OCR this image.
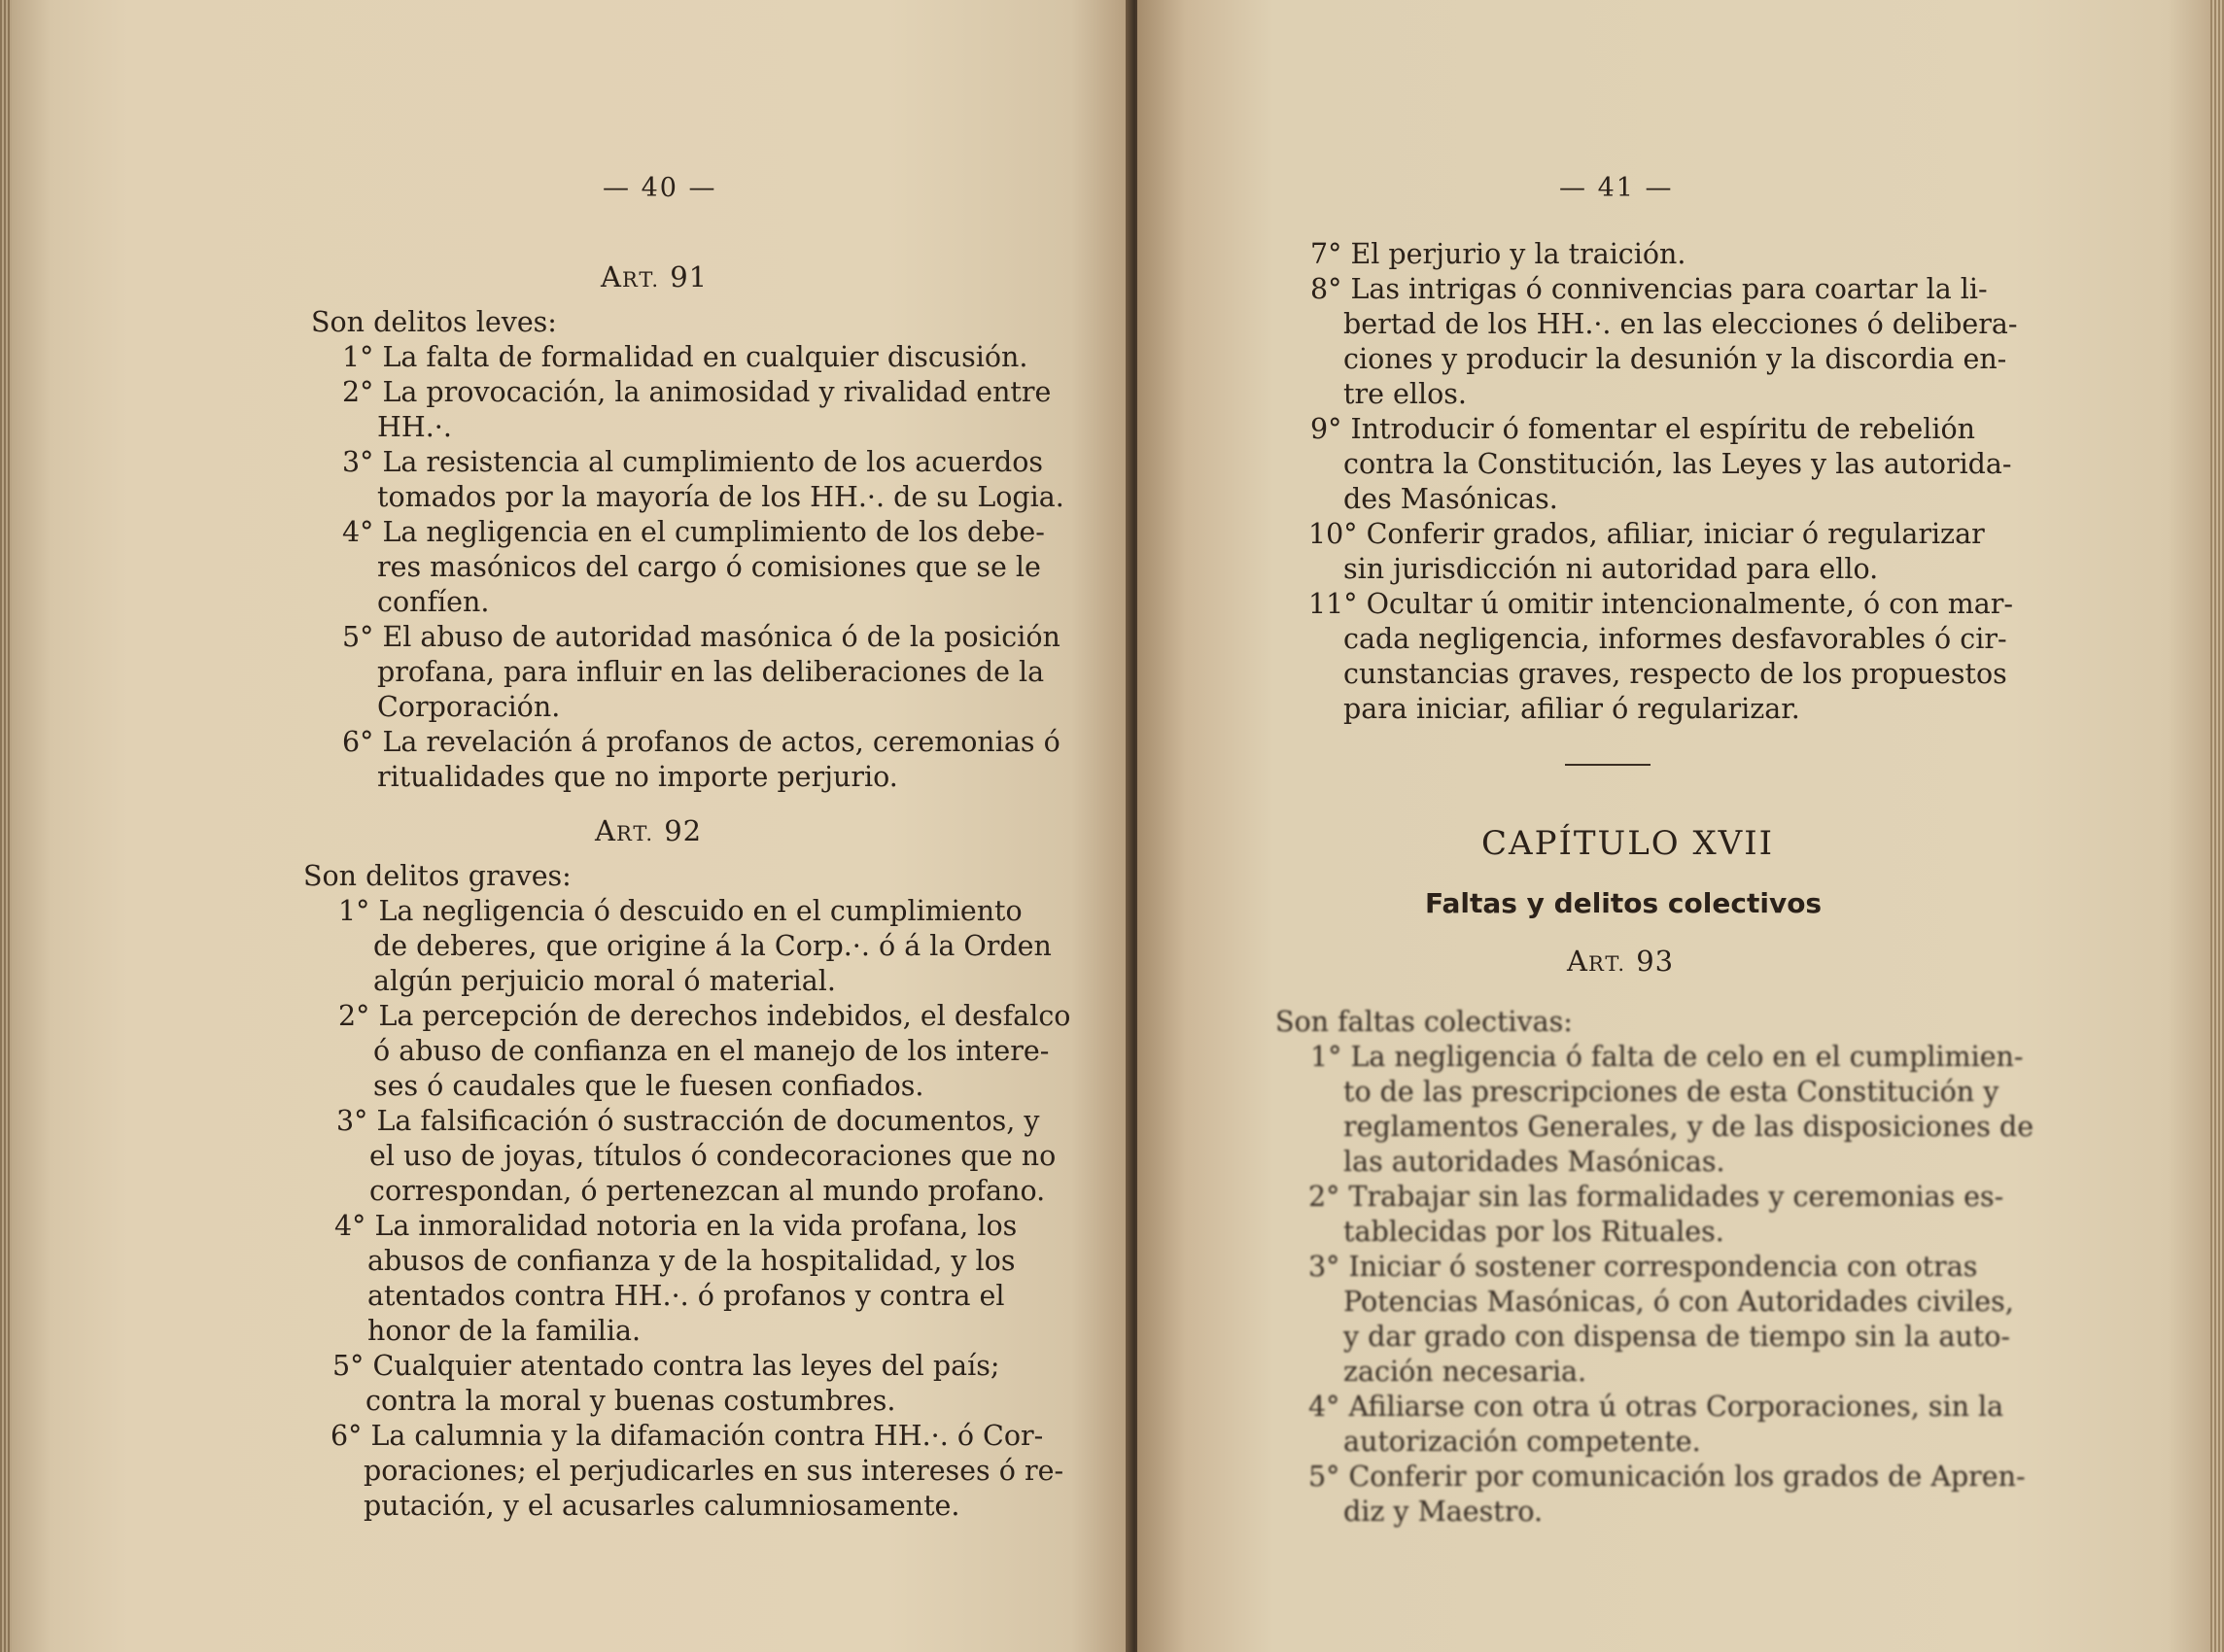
— 40 —
ART. 91
Son delitos leves:
1° La falta de formalidad en cualquier discusión.
2° La provocación, la animosidad y rivalidad entre
HH.·.
3° La resistencia al cumplimiento de los acuerdos
tomados por la mayoría de los HH.·. de su Logia.
4° La negligencia en el cumplimiento de los debe-
res masónicos del cargo ó comisiones que se le
confíen.
5° El abuso de autoridad masónica ó de la posición
profana, para influir en las deliberaciones de la
Corporación.
6° La revelación á profanos de actos, ceremonias ó
ritualidades que no importe perjurio.
ART. 92
Son delitos graves:
1° La negligencia ó descuido en el cumplimiento
de deberes, que origine á la Corp.·. ó á la Orden
algún perjuicio moral ó material.
2° La percepción de derechos indebidos, el desfalco
ó abuso de confianza en el manejo de los intere-
ses ó caudales que le fuesen confiados.
3° La falsificación ó sustracción de documentos, y
el uso de joyas, títulos ó condecoraciones que no
correspondan, ó pertenezcan al mundo profano.
4° La inmoralidad notoria en la vida profana, los
abusos de confianza y de la hospitalidad, y los
atentados contra HH.·. ó profanos y contra el
honor de la familia.
5° Cualquier atentado contra las leyes del país;
contra la moral y buenas costumbres.
6° La calumnia y la difamación contra HH.·. ó Cor-
poraciones; el perjudicarles en sus intereses ó re-
putación, y el acusarles calumniosamente.
— 41 —
7° El perjurio y la traición.
8° Las intrigas ó connivencias para coartar la li-
bertad de los HH.·. en las elecciones ó delibera-
ciones y producir la desunión y la discordia en-
tre ellos.
9° Introducir ó fomentar el espíritu de rebelión
contra la Constitución, las Leyes y las autorida-
des Masónicas.
10° Conferir grados, afiliar, iniciar ó regularizar
sin jurisdicción ni autoridad para ello.
11° Ocultar ú omitir intencionalmente, ó con mar-
cada negligencia, informes desfavorables ó cir-
cunstancias graves, respecto de los propuestos
para iniciar, afiliar ó regularizar.
CAPÍTULO XVII
Faltas y delitos colectivos
ART. 93
Son faltas colectivas:
1° La negligencia ó falta de celo en el cumplimien-
to de las prescripciones de esta Constitución y
reglamentos Generales, y de las disposiciones de
las autoridades Masónicas.
2° Trabajar sin las formalidades y ceremonias es-
tablecidas por los Rituales.
3° Iniciar ó sostener correspondencia con otras
Potencias Masónicas, ó con Autoridades civiles,
y dar grado con dispensa de tiempo sin la auto-
zación necesaria.
4° Afiliarse con otra ú otras Corporaciones, sin la
autorización competente.
5° Conferir por comunicación los grados de Apren-
diz y Maestro.
